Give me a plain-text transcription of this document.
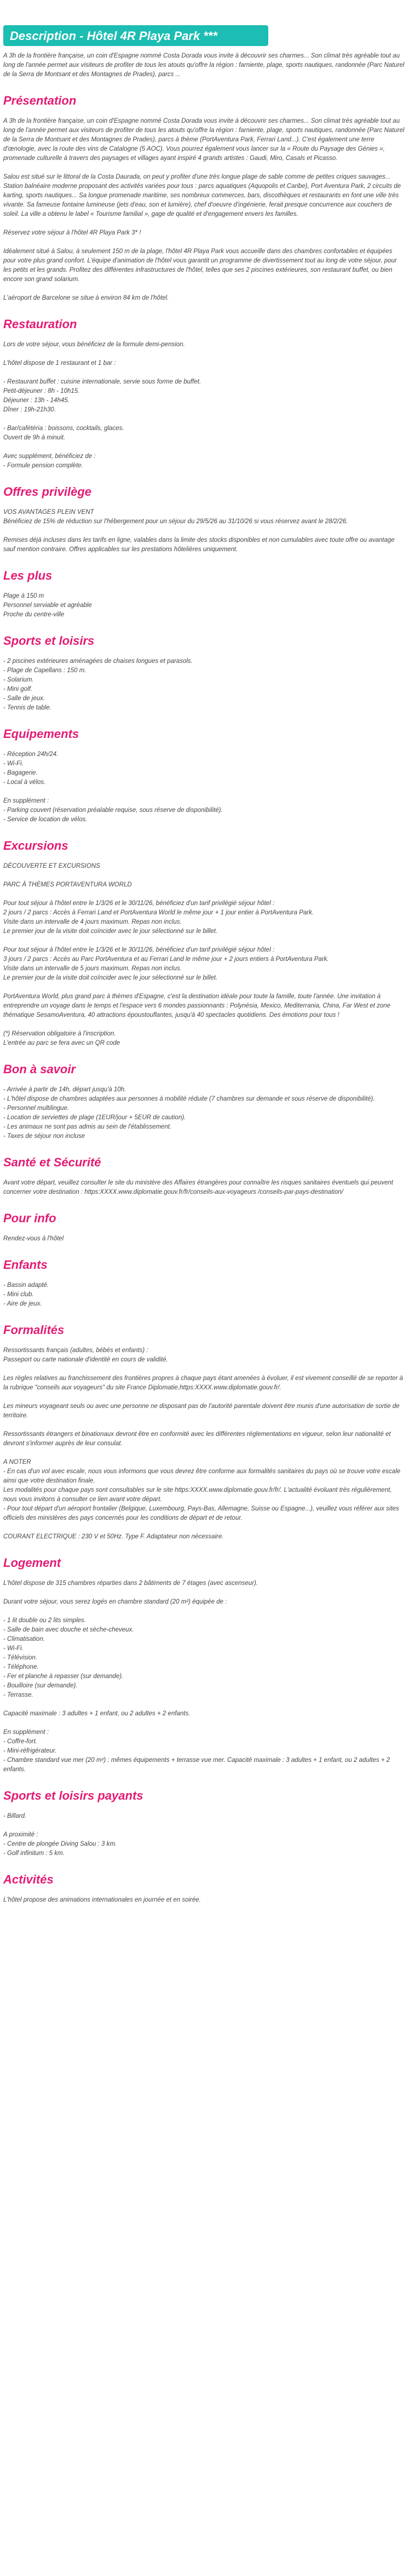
Description - Hôtel 4R Playa Park ***

A 3h de la frontière française, un coin d'Espagne nommé Costa Dorada vous invite à découvrir ses charmes... Son climat très agréable tout au long de l'année permet aux visiteurs de profiter de tous les atouts qu'offre la région : farniente, plage, sports nautiques, randonnée (Parc Naturel de la Serra de Montsant et des Montagnes de Prades), parcs ...

Présentation

A 3h de la frontière française, un coin d'Espagne nommé Costa Dorada vous invite à découvrir ses charmes... Son climat très agréable tout au long de l'année permet aux visiteurs de profiter de tous les atouts qu'offre la région : farniente, plage, sports nautiques, randonnée (Parc Naturel de la Serra de Montsant et des Montagnes de Prades), parcs à thème (PortAventura Park, Ferrari Land...). C'est également une terre d'œnologie, avec la route des vins de Catalogne (5 AOC). Vous pourrez également vous lancer sur la « Route du Paysage des Génies », promenade culturelle à travers des paysages et villages ayant inspiré 4 grands artistes : Gaudi, Miro, Casals et Picasso.

Salou est situé sur le littoral de la Costa Daurada, on peut y profiter d'une très longue plage de sable comme de petites criques sauvages... Station balnéaire moderne proposant des activités variées pour tous : parcs aquatiques (Aquopolis et Caribe), Port Aventura Park, 2 circuits de karting, sports nautiques... Sa longue promenade maritime, ses nombreux commerces, bars, discothèques et restaurants en font une ville très vivante. Sa fameuse fontaine lumineuse (jets d'eau, son et lumière), chef d'oeuvre d'ingénierie, ferait presque concurrence aux couchers de soleil. La ville a obtenu le label « Tourisme familial », gage de qualité et d'engagement envers les familles.

Réservez votre séjour à l'hôtel 4R Playa Park 3* !

Idéalement situé à Salou, à seulement 150 m de la plage, l'hôtel 4R Playa Park vous accueille dans des chambres confortables et équipées pour votre plus grand confort. L'équipe d'animation de l'hôtel vous garantit un programme de divertissement tout au long de votre séjour, pour les petits et les grands. Profitez des différentes infrastructures de l'hôtel, telles que ses 2 piscines extérieures, son restaurant buffet, ou bien encore son grand solarium.

L'aéroport de Barcelone se situe à environ 84 km de l'hôtel.

Restauration

Lors de votre séjour, vous bénéficiez de la formule demi-pension.

L'hôtel dispose de 1 restaurant et 1 bar :

- Restaurant buffet : cuisine internationale, servie sous forme de buffet.
Petit-déjeuner : 8h - 10h15.
Déjeuner : 13h - 14h45.
Dîner : 19h-21h30.

- Bar/cafétéria : boissons, cocktails, glaces.
Ouvert de 9h à minuit.

Avec supplément, bénéficiez de :
- Formule pension complète.

Offres privilège

VOS AVANTAGES PLEIN VENT
Bénéficiez de 15% de réduction sur l'hébergement pour un séjour du 29/5/26 au 31/10/26 si vous réservez avant le 28/2/26.

Remises déjà incluses dans les tarifs en ligne, valables dans la limite des stocks disponibles et non cumulables avec toute offre ou avantage sauf mention contraire. Offres applicables sur les prestations hôtelières uniquement.

Les plus

Plage à 150 m
Personnel serviable et agréable
Proche du centre-ville

Sports et loisirs

- 2 piscines extérieures aménagées de chaises longues et parasols.
- Plage de Capellans : 150 m.
- Solarium.
- Mini golf.
- Salle de jeux.
- Tennis de table.

Equipements

- Réception 24h/24.
- Wi-Fi.
- Bagagerie.
- Local à vélos.

En supplément :
- Parking couvert (réservation préalable requise, sous réserve de disponibilité).
- Service de location de vélos.

Excursions

DÉCOUVERTE ET EXCURSIONS

PARC À THÈMES PORTAVENTURA WORLD

Pour tout séjour à l'hôtel entre le 1/3/26 et le 30/11/26, bénéficiez d'un tarif privilégié séjour hôtel :
2 jours / 2 parcs : Accès à Ferrari Land et PortAventura World le même jour + 1 jour entier à PortAventura Park.
Visite dans un intervalle de 4 jours maximum. Repas non inclus.
Le premier jour de la visite doit coïncider avec le jour sélectionné sur le billet.

Pour tout séjour à l'hôtel entre le 1/3/26 et le 30/11/26, bénéficiez d'un tarif privilégié séjour hôtel :
3 jours / 2 parcs : Accès au Parc PortAventura et au Ferrari Land le même jour + 2 jours entiers à PortAventura Park.
Visite dans un intervalle de 5 jours maximum. Repas non inclus.
Le premier jour de la visite doit coïncider avec le jour sélectionné sur le billet.

PortAventura World, plus grand parc à thèmes d'Espagne, c'est la destination idéale pour toute la famille, toute l'année. Une invitation à entreprendre un voyage dans le temps et l'espace vers 6 mondes passionnants : Polynésia, Mexico, Mediterrania, China, Far West et zone thématique SesamoAventura, 40 attractions époustouflantes, jusqu'à 40 spectacles quotidiens. Des émotions pour tous !

(*) Réservation obligatoire à l'inscription.
L'entrée au parc se fera avec un QR code

Bon à savoir

- Arrivée à partir de 14h, départ jusqu'à 10h.
- L'hôtel dispose de chambres adaptées aux personnes à mobilité réduite (7 chambres sur demande et sous réserve de disponibilité).
- Personnel multilingue.
- Location de serviettes de plage (1EUR/jour + 5EUR de caution).
- Les animaux ne sont pas admis au sein de l'établissement.
- Taxes de séjour non incluse

Santé et Sécurité

Avant votre départ, veuillez consulter le site du ministère des Affaires étrangères pour connaître les risques sanitaires éventuels qui peuvent concerner votre destination : https:XXXX.www.diplomatie.gouv.fr/fr/conseils-aux-voyageurs /conseils-par-pays-destination/

Pour info

Rendez-vous à l'hôtel

Enfants

- Bassin adapté.
- Mini club.
- Aire de jeux.

Formalités

Ressortissants français (adultes, bébés et enfants) :
Passeport ou carte nationale d'identité en cours de validité.

Les règles relatives au franchissement des frontières propres à chaque pays étant amenées à évoluer, il est vivement conseillé de se reporter à la rubrique "conseils aux voyageurs" du site France Diplomatie,https:XXXX.www.diplomatie.gouv.fr/.

Les mineurs voyageant seuls ou avec une personne ne disposant pas de l'autorité parentale doivent être munis d'une autorisation de sortie de territoire.

Ressortissants étrangers et binationaux devront être en conformité avec les différentes réglementations en vigueur, selon leur nationalité et devront s'informer auprès de leur consulat.

A NOTER
- En cas d'un vol avec escale, nous vous informons que vous devrez être conforme aux formalités sanitaires du pays où se trouve votre escale ainsi que votre destination finale.
Les modalités pour chaque pays sont consultables sur le site https:XXXX.www.diplomatie.gouv.fr/fr/. L'actualité évoluant très régulièrement, nous vous invitons à consulter ce lien avant votre départ.
- Pour tout départ d'un aéroport frontalier (Belgique, Luxembourg, Pays-Bas, Allemagne, Suisse ou Espagne...), veuillez vous référer aux sites officiels des ministères des pays concernés pour les conditions de départ et de retour.

COURANT ELECTRIQUE : 230 V et 50Hz. Type F. Adaptateur non nécessaire.

Logement

L'hôtel dispose de 315 chambres réparties dans 2 bâtiments de 7 étages (avec ascenseur).

Durant votre séjour, vous serez logés en chambre standard (20 m²) équipée de :

- 1 lit double ou 2 lits simples.
- Salle de bain avec douche et sèche-cheveux.
- Climatisation.
- Wi-Fi.
- Télévision.
- Téléphone.
- Fer et planche à repasser (sur demande).
- Bouilloire (sur demande).
- Terrasse.

Capacité maximale : 3 adultes + 1 enfant, ou 2 adultes + 2 enfants.

En supplément :
- Coffre-fort.
- Mini-réfrigérateur.
- Chambre standard vue mer (20 m²) : mêmes équipements + terrasse vue mer. Capacité maximale : 3 adultes + 1 enfant, ou 2 adultes + 2 enfants.

Sports et loisirs payants

- Billard.

A proximité :
- Centre de plongée Diving Salou : 3 km.
- Golf infinitum : 5 km.

Activités

L'hôtel propose des animations internationales en journée et en soirée.
